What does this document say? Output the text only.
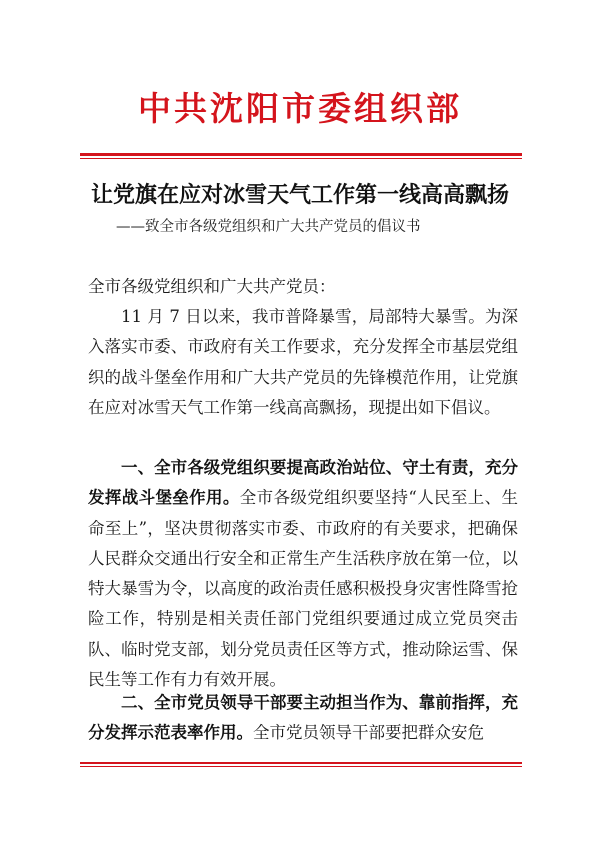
中共沈阳市委组织部
让党旗在应对冰雪天气工作第一线高高飘扬
——致全市各级党组织和广大共产党员的倡议书
全市各级党组织和广大共产党员：
11 月 7 日以来，我市普降暴雪，局部特大暴雪。为深入落实市委、市政府有关工作要求，充分发挥全市基层党组织的战斗堡垒作用和广大共产党员的先锋模范作用，让党旗在应对冰雪天气工作第一线高高飘扬，现提出如下倡议。
一、全市各级党组织要提高政治站位、守土有责，充分发挥战斗堡垒作用。全市各级党组织要坚持“人民至上、生命至上”，坚决贯彻落实市委、市政府的有关要求，把确保人民群众交通出行安全和正常生产生活秩序放在第一位，以特大暴雪为令，以高度的政治责任感积极投身灾害性降雪抢险工作，特别是相关责任部门党组织要通过成立党员突击队、临时党支部，划分党员责任区等方式，推动除运雪、保民生等工作有力有效开展。
二、全市党员领导干部要主动担当作为、靠前指挥，充分发挥示范表率作用。全市党员领导干部要把群众安危
